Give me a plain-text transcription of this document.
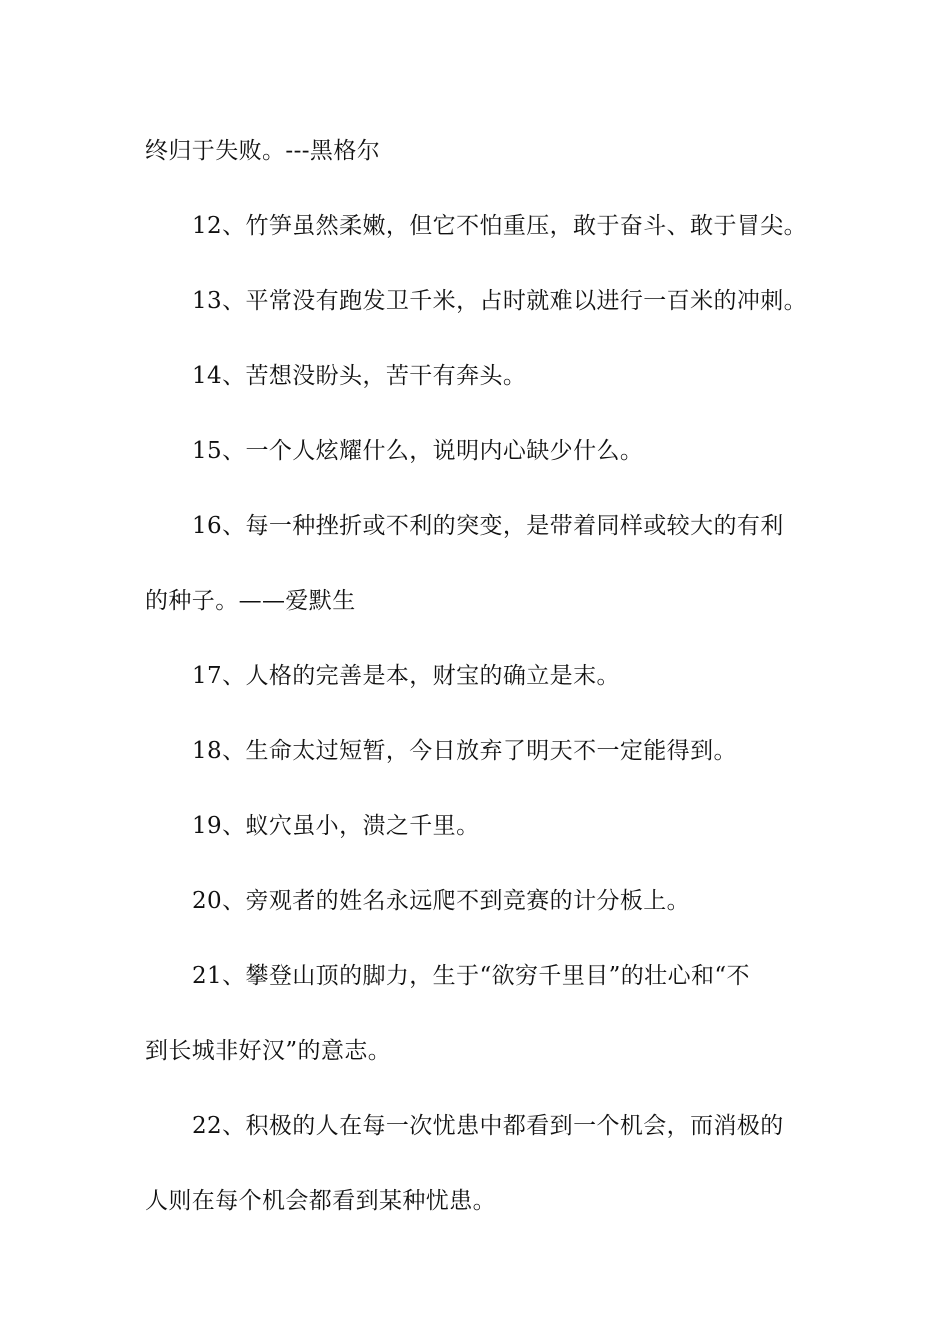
终归于失败。---黑格尔
12、竹笋虽然柔嫩，但它不怕重压，敢于奋斗、敢于冒尖。
13、平常没有跑发卫千米，占时就难以进行一百米的冲刺。
14、苦想没盼头，苦干有奔头。
15、一个人炫耀什么，说明内心缺少什么。
16、每一种挫折或不利的突变，是带着同样或较大的有利
的种子。——爱默生
17、人格的完善是本，财宝的确立是末。
18、生命太过短暂，今日放弃了明天不一定能得到。
19、蚁穴虽小，溃之千里。
20、旁观者的姓名永远爬不到竞赛的计分板上。
21、攀登山顶的脚力，生于“欲穷千里目”的壮心和“不
到长城非好汉”的意志。
22、积极的人在每一次忧患中都看到一个机会，而消极的
人则在每个机会都看到某种忧患。
